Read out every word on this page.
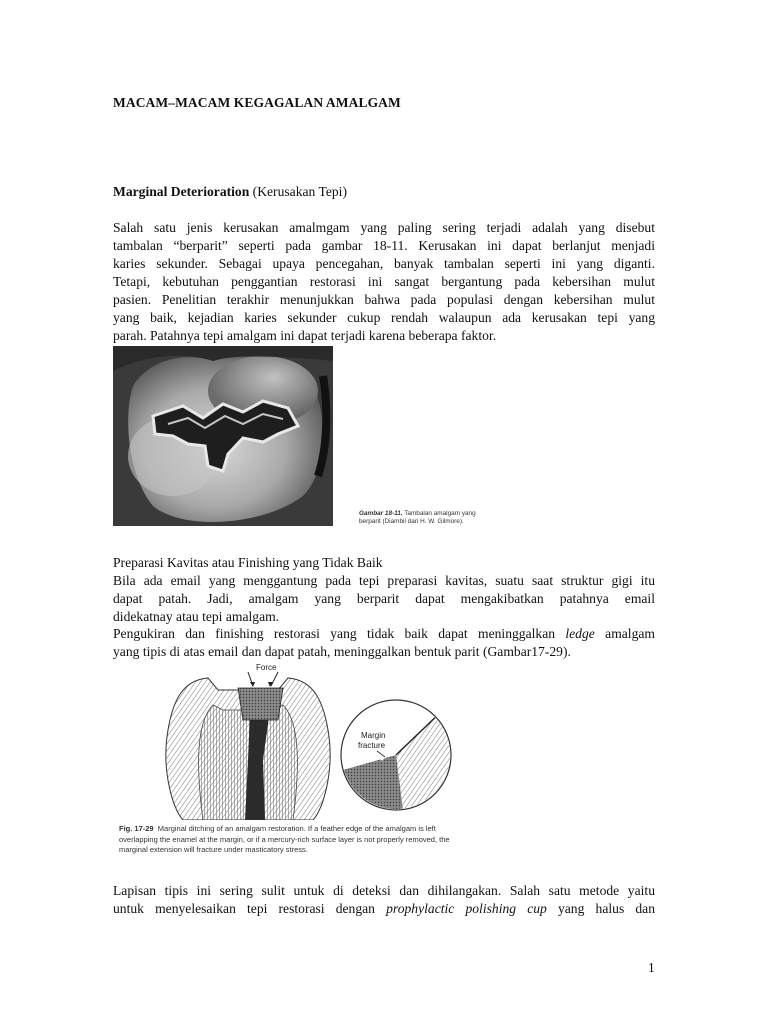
MACAM–MACAM KEGAGALAN AMALGAM
Marginal Deterioration (Kerusakan Tepi)
Salah satu jenis kerusakan amalmgam yang paling sering terjadi adalah yang disebut
tambalan “berparit” seperti pada gambar 18-11. Kerusakan ini dapat berlanjut menjadi
karies sekunder. Sebagai upaya pencegahan, banyak tambalan seperti ini yang diganti.
Tetapi, kebutuhan penggantian restorasi ini sangat bergantung pada kebersihan mulut
pasien. Penelitian terakhir menunjukkan bahwa pada populasi dengan kebersihan mulut
yang baik, kejadian karies sekunder cukup rendah walaupun ada kerusakan tepi yang
parah. Patahnya tepi amalgam ini dapat terjadi karena beberapa faktor.
Gambar 18-11. Tambalan amalgam yang
berparit (Diambil dari H. W. Gilmore).
Preparasi Kavitas atau Finishing yang Tidak Baik
Bila ada email yang menggantung pada tepi preparasi kavitas, suatu saat struktur gigi itu
dapat patah. Jadi, amalgam yang berparit dapat mengakibatkan patahnya email
didekatnay atau tepi amalgam.
Pengukiran dan finishing restorasi yang tidak baik dapat meninggalkan ledge amalgam
yang tipis di atas email dan dapat patah, meninggalkan bentuk parit (Gambar17-29).
Force
Margin
fracture
Fig. 17-29 Marginal ditching of an amalgam restoration. If a feather edge of the amalgam is left
overlapping the enamel at the margin, or if a mercury-rich surface layer is not properly removed, the
marginal extension will fracture under masticatory stress.
Lapisan tipis ini sering sulit untuk di deteksi dan dihilangakan. Salah satu metode yaitu
untuk menyelesaikan tepi restorasi dengan prophylactic polishing cup yang halus dan
1
